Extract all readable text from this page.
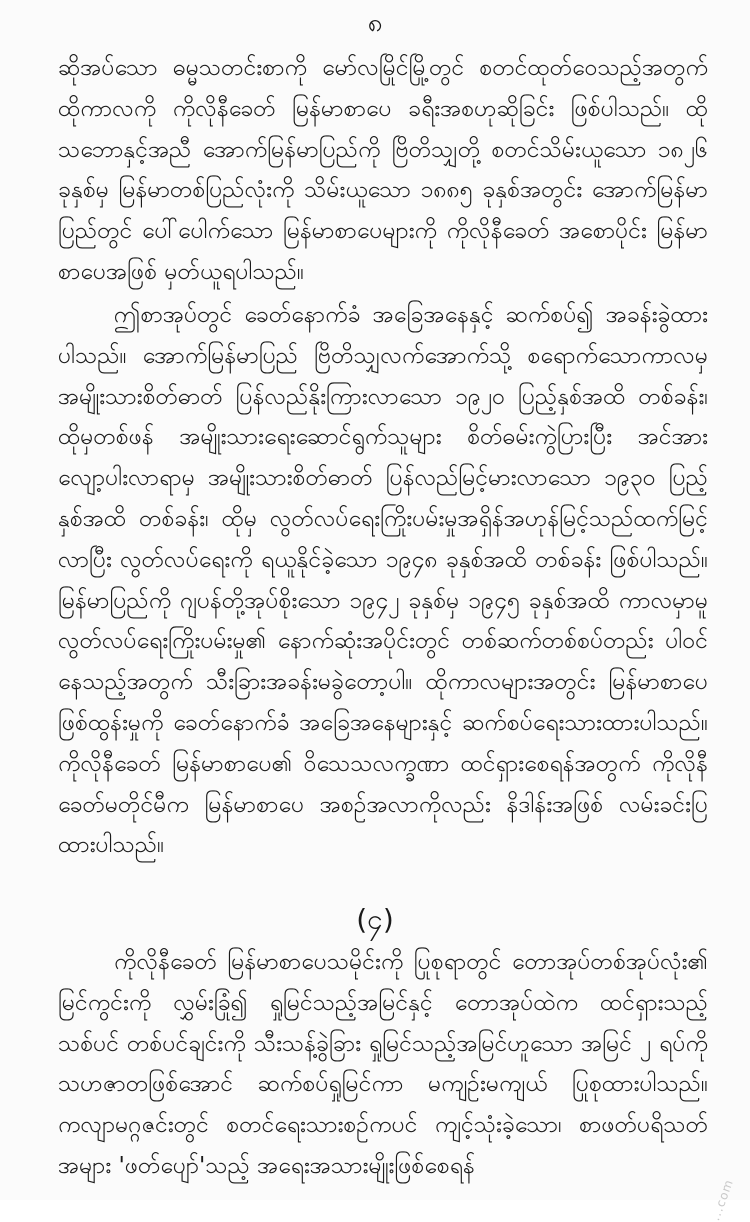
၈

ဆိုအပ်သော ဓမ္မသတင်းစာကို မော်လမြိုင်မြို့တွင် စတင်ထုတ်ဝေသည့်အတွက် ထိုကာလကို ကိုလိုနီခေတ် မြန်မာစာပေ ခရီးအစဟုဆိုခြင်း ဖြစ်ပါသည်။ ထိုသဘောနှင့်အညီ အောက်မြန်မာပြည်ကို ဗြိတိသျှတို့ စတင်သိမ်းယူသော ၁၈၂၆ ခုနှစ်မှ မြန်မာတစ်ပြည်လုံးကို သိမ်းယူသော ၁၈၈၅ ခုနှစ်အတွင်း အောက်မြန်မာပြည်တွင် ပေါ်ပေါက်သော မြန်မာစာပေများကို ကိုလိုနီခေတ် အစောပိုင်း မြန်မာစာပေအဖြစ် မှတ်ယူရပါသည်။

ဤစာအုပ်တွင် ခေတ်နောက်ခံ အခြေအနေနှင့် ဆက်စပ်၍ အခန်းခွဲထားပါသည်။ အောက်မြန်မာပြည် ဗြိတိသျှလက်အောက်သို့ စရောက်သောကာလမှ အမျိုးသားစိတ်ဓာတ် ပြန်လည်နိုးကြားလာသော ၁၉၂၀ ပြည့်နှစ်အထိ တစ်ခန်း၊ ထိုမှတစ်ဖန် အမျိုးသားရေးဆောင်ရွက်သူများ စိတ်ဓမ်းကွဲပြားပြီး အင်အားလျော့ပါးလာရာမှ အမျိုးသားစိတ်ဓာတ် ပြန်လည်မြင့်မားလာသော ၁၉၃၀ ပြည့်နှစ်အထိ တစ်ခန်း၊ ထိုမှ လွတ်လပ်ရေးကြိုးပမ်းမှုအရှိန်အဟုန်မြင့်သည်ထက်မြင့်လာပြီး လွတ်လပ်ရေးကို ရယူနိုင်ခဲ့သော ၁၉၄၈ ခုနှစ်အထိ တစ်ခန်း ဖြစ်ပါသည်။ မြန်မာပြည်ကို ဂျပန်တို့အုပ်စိုးသော ၁၉၄၂ ခုနှစ်မှ ၁၉၄၅ ခုနှစ်အထိ ကာလမှာမူ လွတ်လပ်ရေးကြိုးပမ်းမှု၏ နောက်ဆုံးအပိုင်းတွင် တစ်ဆက်တစ်စပ်တည်း ပါဝင်နေသည့်အတွက် သီးခြားအခန်းမခွဲတော့ပါ။ ထိုကာလများအတွင်း မြန်မာစာပေဖြစ်ထွန်းမှုကို ခေတ်နောက်ခံ အခြေအနေများနှင့် ဆက်စပ်ရေးသားထားပါသည်။ ကိုလိုနီခေတ် မြန်မာစာပေ၏ ဝိသေသလက္ခဏာ ထင်ရှားစေရန်အတွက် ကိုလိုနီခေတ်မတိုင်မီက မြန်မာစာပေ အစဉ်အလာကိုလည်း နိဒါန်းအဖြစ် လမ်းခင်းပြထားပါသည်။

(၄)

ကိုလိုနီခေတ် မြန်မာစာပေသမိုင်းကို ပြုစုရာတွင် တောအုပ်တစ်အုပ်လုံး၏ မြင်ကွင်းကို လွှမ်းခြုံ၍ ရှုမြင်သည့်အမြင်နှင့် တောအုပ်ထဲက ထင်ရှားသည့်သစ်ပင် တစ်ပင်ချင်းကို သီးသန့်ခွဲခြား ရှုမြင်သည့်အမြင်ဟူသော အမြင် ၂ ရပ်ကို သဟဇာတဖြစ်အောင် ဆက်စပ်ရှုမြင်ကာ မကျဉ်းမကျယ် ပြုစုထားပါသည်။ ကလျာမဂ္ဂဇင်းတွင် စတင်ရေးသားစဉ်ကပင် ကျင့်သုံးခဲ့သော၊ စာဖတ်ပရိသတ်အများ 'ဖတ်ပျော်'သည့် အရေးအသားမျိုးဖြစ်စေရန်

...com
